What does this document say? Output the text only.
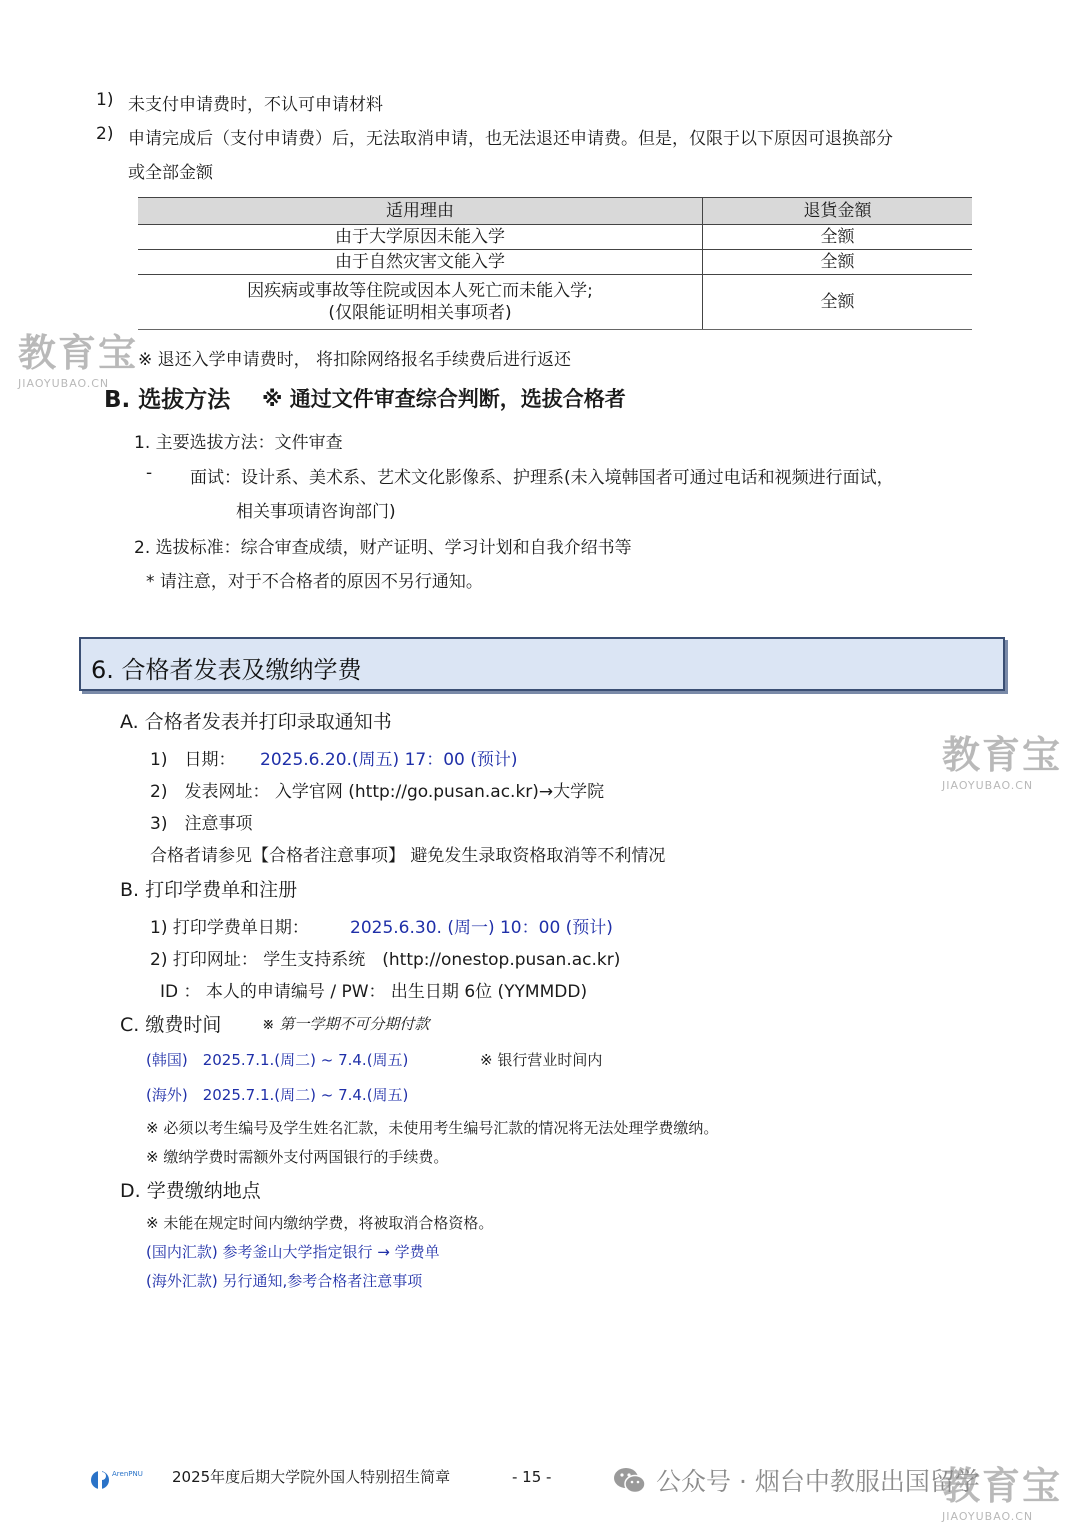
1) 未支付申请费时，不认可申请材料
2) 申请完成后（支付申请费）后，无法取消申请，也无法退还申请费。但是，仅限于以下原因可退换部分
或全部金额
适用理由	退貨金額
由于大学原因未能入学	全额
由于自然灾害文能入学	全额

因疾病或事故等住院或因本人死亡而未能入学;
(仅限能证明相关事项者)	全额
※ 退还入学申请费时， 将扣除网络报名手续费后进行返还
B. 选拔方法 ※ 通过文件审查综合判断，选拔合格者
1. 主要选拔方法：文件审查
- 面试：设计系、美术系、艺术文化影像系、护理系(未入境韩国者可通过电话和视频进行面试，
相关事项请咨询部门)
2. 选拔标准：综合审查成绩，财产证明、学习计划和自我介绍书等
* 请注意，对于不合格者的原因不另行通知。
6. 合格者发表及缴纳学费
A. 合格者发表并打印录取通知书
1)　日期： 2025.6.20.(周五) 17：00 (预计)
2)　发表网址： 入学官网 (http://go.pusan.ac.kr)→大学院
3)　注意事项
合格者请参见【合格者注意事项】 避免发生录取资格取消等不利情况
B. 打印学费单和注册
1) 打印学费单日期： 2025.6.30. (周一) 10：00 (预计)
2) 打印网址： 学生支持系统　(http://onestop.pusan.ac.kr)
ID ： 本人的申请编号 / PW： 出生日期 6位 (YYMMDD)
C. 缴费时间	※ 第一学期不可分期付款
(韩国)　2025.7.1.(周二) ~ 7.4.(周五)	※ 银行营业时间内
(海外)　2025.7.1.(周二) ~ 7.4.(周五)
※ 必须以考生编号及学生姓名汇款，未使用考生编号汇款的情况将无法处理学费缴纳。
※ 缴纳学费时需额外支付两国银行的手续费。
D. 学费缴纳地点
※ 未能在规定时间内缴纳学费，将被取消合格资格。
(国内汇款) 参考釜山大学指定银行 → 学费单
(海外汇款) 另行通知,参考合格者注意事项
教育宝
JIAOYUBAO.CN
教育宝
JIAOYUBAO.CN
教育宝
JIAOYUBAO.CN
ArenPNU 2025年度后期大学院外国人特别招生简章	- 15 -	公众号 · 烟台中教服出国留学
